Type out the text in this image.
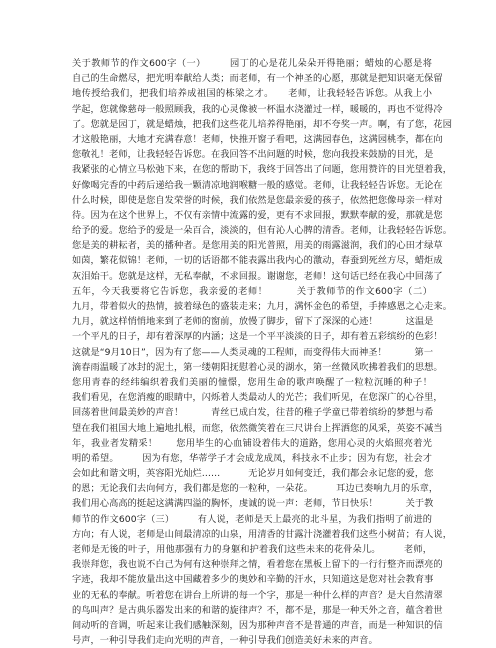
关于教师节的作文600字（一）　　　园丁的心是花儿朵朵开得艳丽；蜡烛的心愿是将
自己的生命燃尽，把光明奉献给人类；而老师，有一个神圣的心愿，那就是把知识毫无保留
地传授给我们，把我们培养成祖国的栋梁之才。　　老师，让我轻轻告诉您。从我上小
学起，您就像慈母一般照顾我，我的心灵像被一杯温水浇灌过一样，暖暖的，再也不觉得冷
了。您就是园丁，就是蜡烛，把我们这些花儿培养得艳丽，却不夸奖一声。啊，有了您，花园
才这般艳丽，大地才充满春意！老师，快推开窗子看吧，这满园春色，这满园桃李，都在向
您敬礼！老师，让我轻轻告诉您。在我回答不出问题的时候，您向我投来鼓励的目光，是
我紧张的心情立马松弛下来，在您的帮助下，我终于回答出了问题，您用赞许的目光望着我，
好像喝完香的中药后递给我一颗清凉地润喉糖一般的感觉。老师，让我轻轻告诉您。无论在
什么时候，即使是您自发荣誉的时候，我们依然是您最亲爱的孩子，依然把您像母亲一样对
待。因为在这个世界上，不仅有亲情中流露的爱，更有不求回报，默默奉献的爱，那就是您
给予的爱。您给予的爱是一朵百合，淡淡的，但有沁人心脾的清香。老师，让我轻轻告诉您。
您是美的耕耘者，美的播种者。是您用美的阳光普照，用美的雨露滋润，我们的心田才绿草
如茵，繁花似锦！老师，一切的话语都不能表露出我内心的激动，春蚕到死丝方尽，蜡炬成
灰泪始干。您就是这样，无私奉献，不求回报。谢谢您，老师！这句话已经在我心中回荡了
五年，今天我要将它告诉您，我亲爱的老师！　　　关于教师节的作文600字（二）
九月，带着似火的热情，披着绿色的盛装走来；九月，满怀金色的希望，手捧感恩之心走来。
九月，就这样悄悄地来到了老师的窗前，放慢了脚步，留下了深深的心迹！　　　这温是
一个平凡的日子，却有着深厚的内涵；这是一个平平淡淡的日子，却有着五彩缤纷的色彩！
这就是“9月10日”，因为有了您——人类灵魂的工程师，而变得伟大而神圣！　　　第一
滴春雨温暖了冰封的泥土，第一缕朝阳抚慰着心灵的湖水，第一丝微风吹拂着我们的思想。
您用青春的经纬编织着我们美丽的憧憬，您用生命的歌声唤醒了一粒粒沉睡的种子！
我们看见，在您消瘦的眼睛中，闪烁着人类最动人的光芒；我们听见，在您深广的心谷里，
回荡着世间最美妙的声音！　　　青丝已成白发，往昔的稚子学童已带着缤纷的梦想与希
望在我们祖国大地上遍地扎根，而您，依然微笑着在三尺讲台上挥洒您的风采，英姿不减当
年，我业者发精采！　　您用毕生的心血铺设着伟大的道路，您用心灵的火焰照亮着光
明的希望。　　　因为有您，华蒂学子才会成龙成凤，科技永不止步；因为有您，社会才
会如此和谐文明，英容阳光灿烂……　　　无论岁月如何变迁，我们都会永记您的爱，您
的恩；无论我们去向何方，我们都是您的一粒种，一朵花。　　　耳边已奏响九月的乐章，
我们用心高高的挺起这满满四溢的胸怀，虔诚的说一声：老师，节日快乐！　　　关于教
师节的作文600字（三）　　　有人说，老师是天上最亮的北斗星，为我们指明了前进的
方向；有人说，老师是山间最清凉的山泉，用清香的甘露汁浇灌着我们这些小树苗；有人说，
老师是无後的叶子，用他那强有力的身躯和护着我们这些未来的花骨朵儿。　　　老师，
我崇拜您，我也说不白己为何有这种崇拜之情，看着您在黑板上留下的一行行整齐而漂亮的
字迹，我却不能放量出这中国藏着多少的奥妙和辛勤的汗水，只知道这是您对社会教育事
业的无私的奉献。听着您在讲台上所讲的每一个字，那是一种什么样的声音？是大自然清翠
的鸟叫声？是古典乐器发出来的和谐的旋律声？不，都不是，那是一种天外之音，蕴含着世
间动听的音调，听起来让我们感触深刻，因为那种声音不是普通的声音，而是一种知识的信
号声，一种引导我们走向光明的声音，一种引导我们创造美好未来的声音。
